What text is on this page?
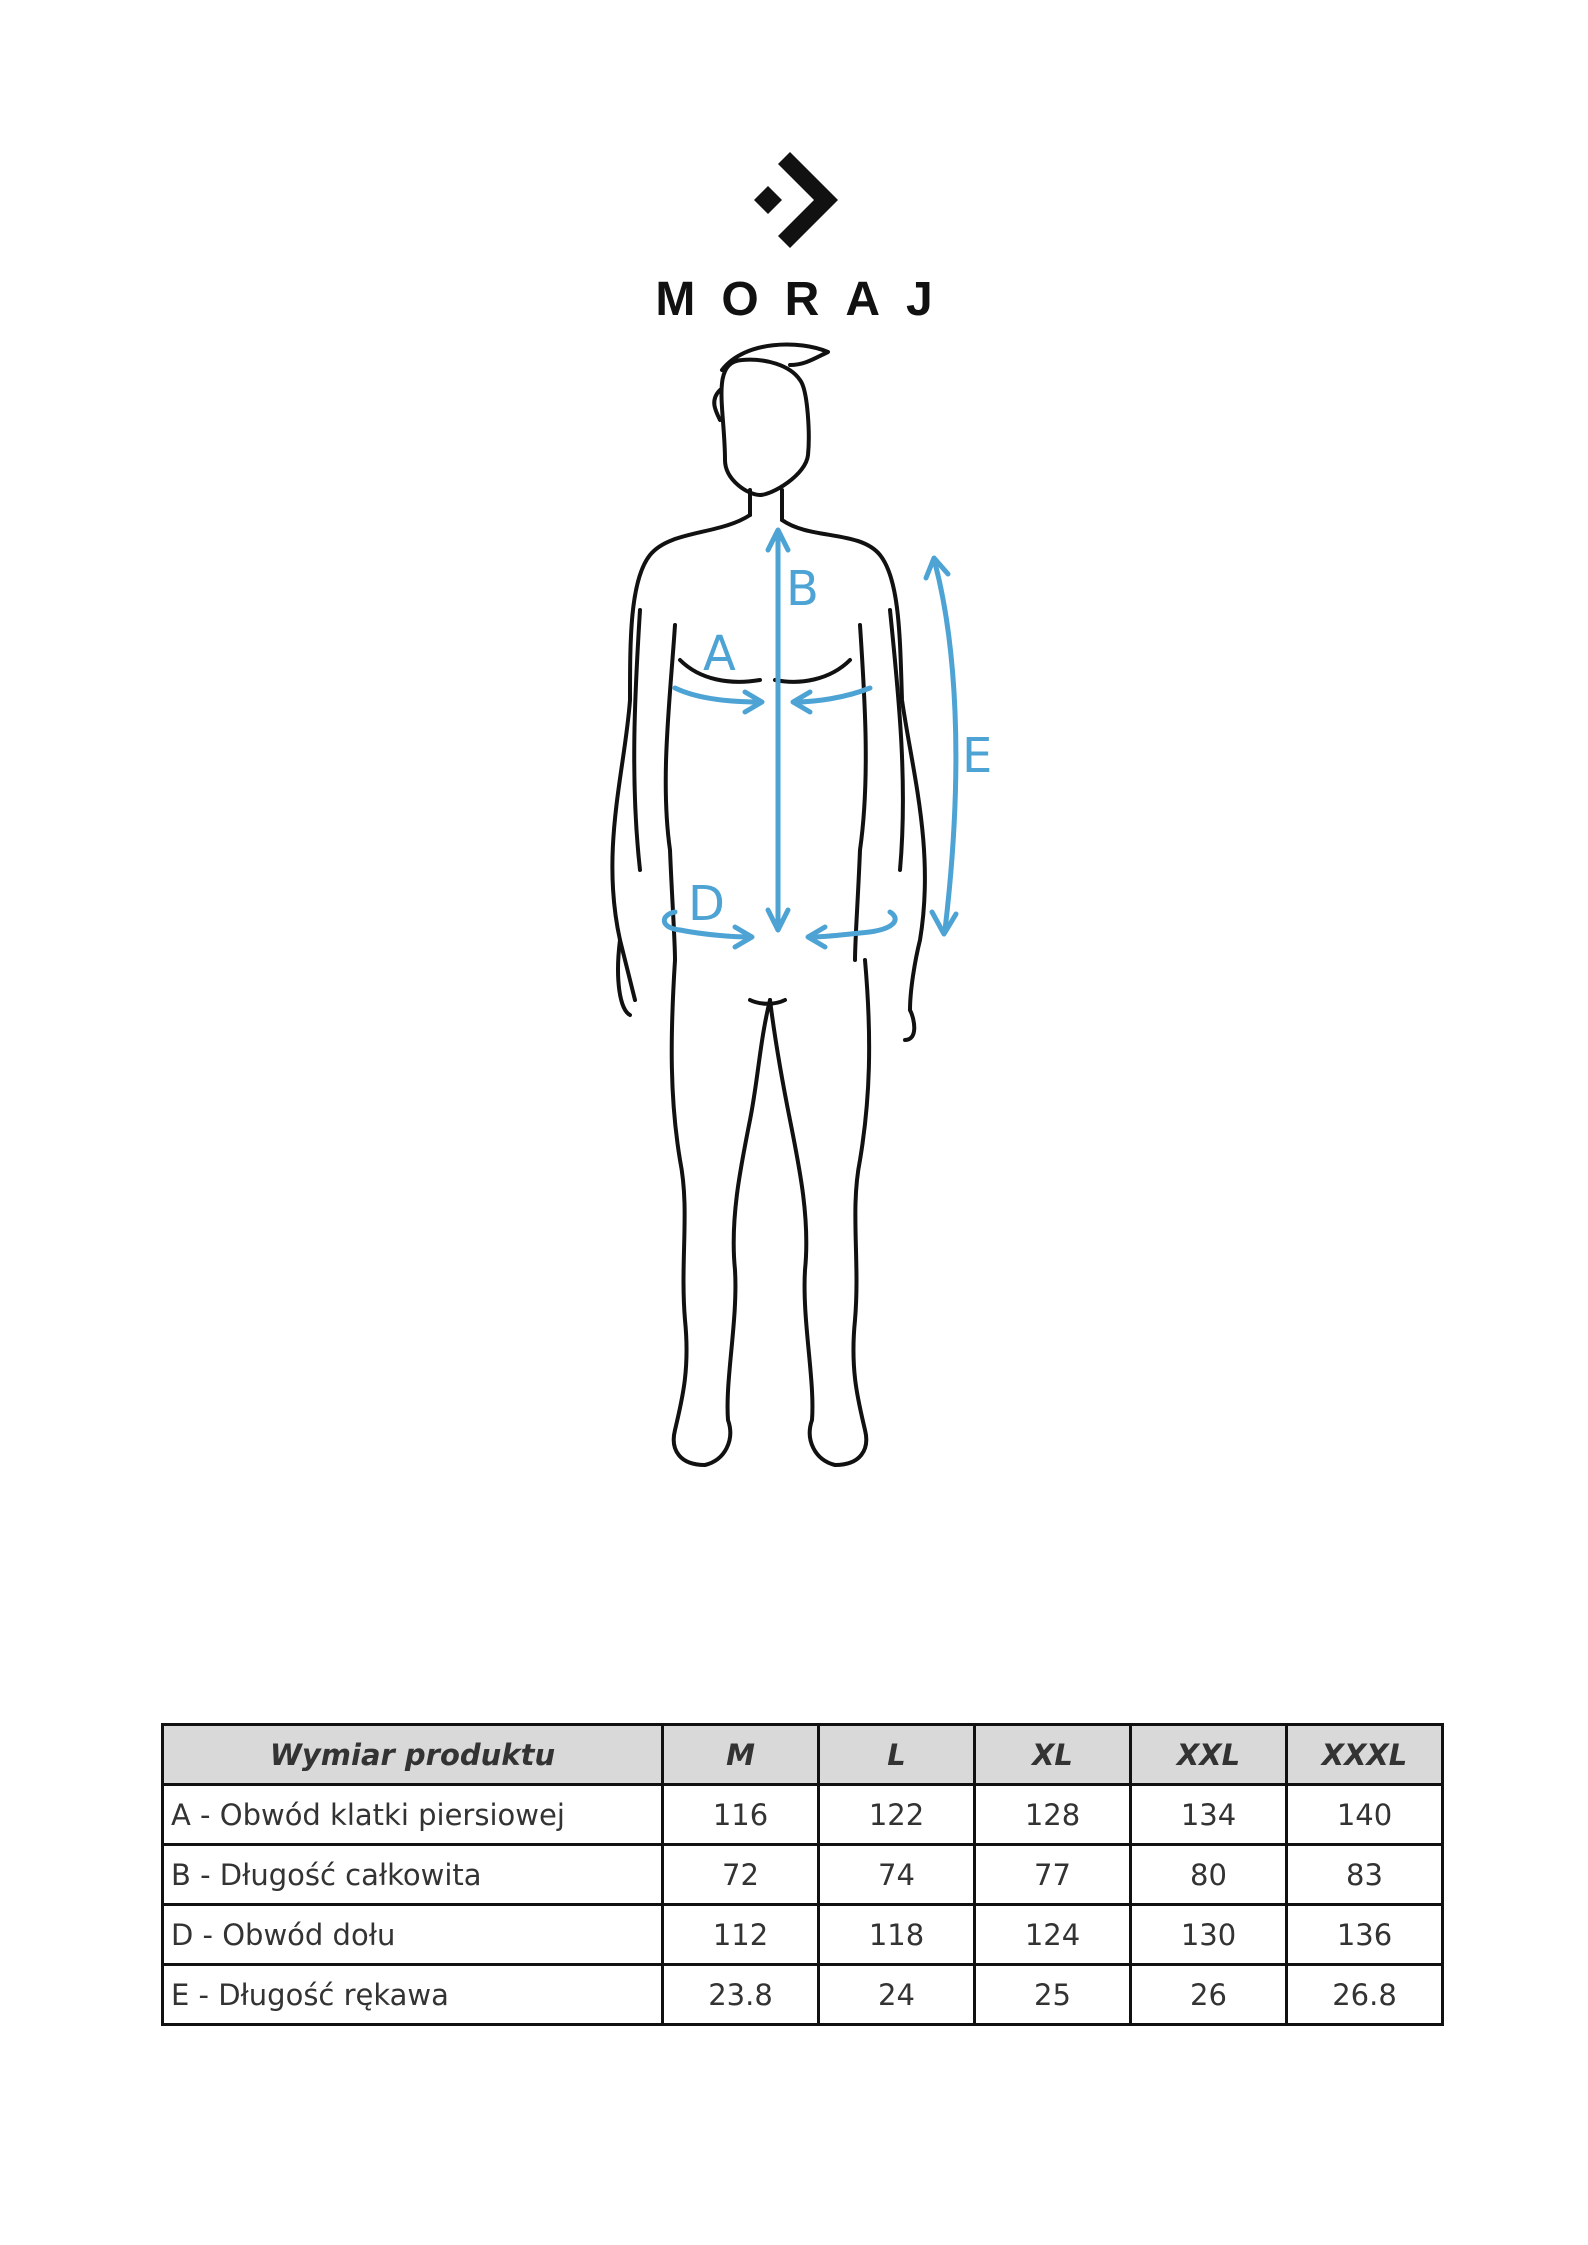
MORAJ
A
B
D
E
Wymiar produktu	M	L	XL	XXL	XXXL
A - Obwód klatki piersiowej	116	122	128	134	140
B - Długość całkowita	72	74	77	80	83
D - Obwód dołu	112	118	124	130	136
E - Długość rękawa	23.8	24	25	26	26.8
